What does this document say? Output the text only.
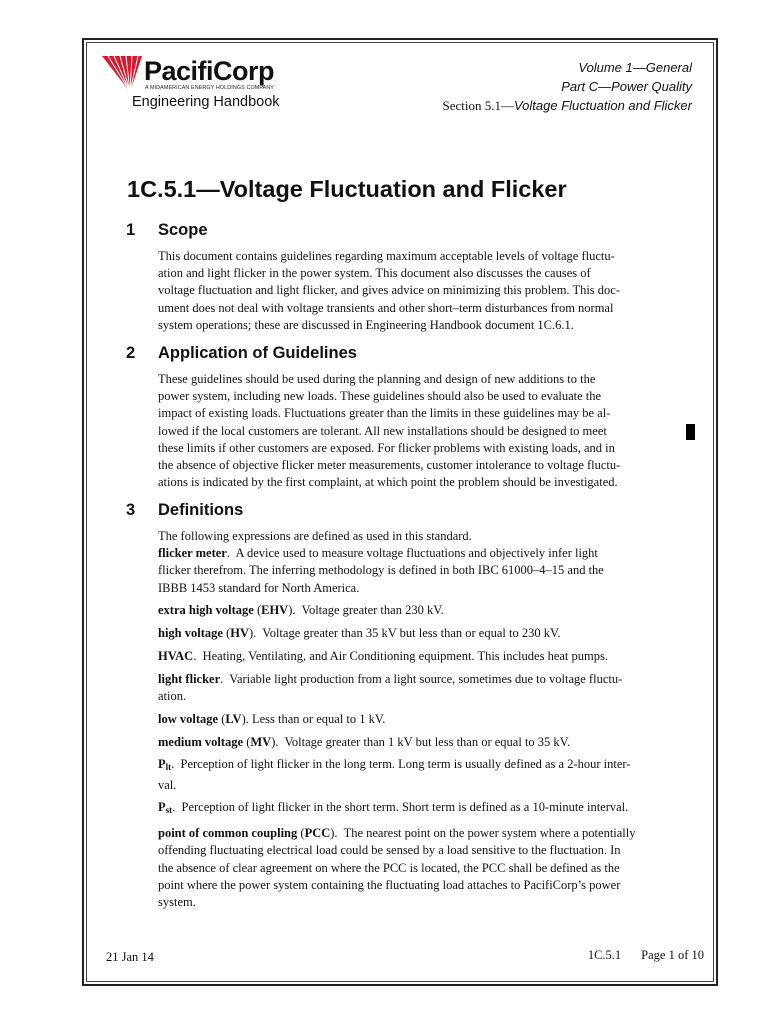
PacifiCorp
A MIDAMERICAN ENERGY HOLDINGS COMPANY
Engineering Handbook
Volume 1—General
Part C—Power Quality
Section 5.1—Voltage Fluctuation and Flicker
1C.5.1—Voltage Fluctuation and Flicker
1 Scope
This document contains guidelines regarding maximum acceptable levels of voltage fluctu-
ation and light flicker in the power system. This document also discusses the causes of
voltage fluctuation and light flicker, and gives advice on minimizing this problem. This doc-
ument does not deal with voltage transients and other short–term disturbances from normal
system operations; these are discussed in Engineering Handbook document 1C.6.1.
2 Application of Guidelines
These guidelines should be used during the planning and design of new additions to the
power system, including new loads. These guidelines should also be used to evaluate the
impact of existing loads. Fluctuations greater than the limits in these guidelines may be al-
lowed if the local customers are tolerant. All new installations should be designed to meet
these limits if other customers are exposed. For flicker problems with existing loads, and in
the absence of objective flicker meter measurements, customer intolerance to voltage fluctu-
ations is indicated by the first complaint, at which point the problem should be investigated.
3 Definitions

The following expressions are defined as used in this standard.

flicker meter.  A device used to measure voltage fluctuations and objectively infer light
flicker therefrom. The inferring methodology is defined in both IBC 61000–4–15 and the
IBBB 1453 standard for North America.
extra high voltage (EHV).  Voltage greater than 230 kV.
high voltage (HV).  Voltage greater than 35 kV but less than or equal to 230 kV.
HVAC.  Heating, Ventilating, and Air Conditioning equipment. This includes heat pumps.
light flicker.  Variable light production from a light source, sometimes due to voltage fluctu-
ation.
low voltage (LV). Less than or equal to 1 kV.
medium voltage (MV).  Voltage greater than 1 kV but less than or equal to 35 kV.
$P_{lt}$.  Perception of light flicker in the long term. Long term is usually defined as a 2-hour inter-
val.
$P_{st}$.  Perception of light flicker in the short term. Short term is defined as a 10-minute interval.
point of common coupling (PCC).  The nearest point on the power system where a potentially
offending fluctuating electrical load could be sensed by a load sensitive to the fluctuation. In
the absence of clear agreement on where the PCC is located, the PCC shall be defined as the
point where the power system containing the fluctuating load attaches to PacifiCorp’s power
system.
21 Jan 14	1C.5.1 Page 1 of 10
